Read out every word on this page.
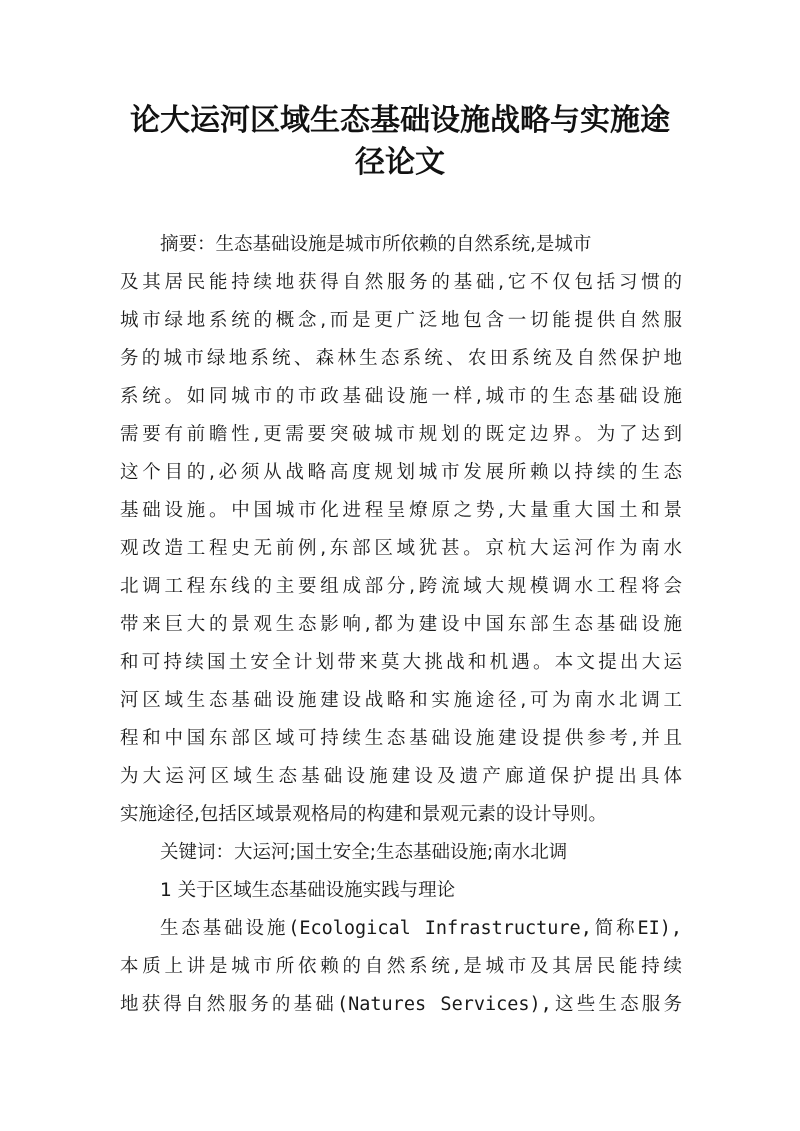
论大运河区域生态基础设施战略与实施途
径论文
摘要：生态基础设施是城市所依赖的自然系统,是城市
及其居民能持续地获得自然服务的基础,它不仅包括习惯的
城市绿地系统的概念,而是更广泛地包含一切能提供自然服
务的城市绿地系统、森林生态系统、农田系统及自然保护地
系统。如同城市的市政基础设施一样,城市的生态基础设施
需要有前瞻性,更需要突破城市规划的既定边界。为了达到
这个目的,必须从战略高度规划城市发展所赖以持续的生态
基础设施。中国城市化进程呈燎原之势,大量重大国土和景
观改造工程史无前例,东部区域犹甚。京杭大运河作为南水
北调工程东线的主要组成部分,跨流域大规模调水工程将会
带来巨大的景观生态影响,都为建设中国东部生态基础设施
和可持续国土安全计划带来莫大挑战和机遇。本文提出大运
河区域生态基础设施建设战略和实施途径,可为南水北调工
程和中国东部区域可持续生态基础设施建设提供参考,并且
为大运河区域生态基础设施建设及遗产廊道保护提出具体
实施途径,包括区域景观格局的构建和景观元素的设计导则。
关键词：大运河;国土安全;生态基础设施;南水北调
1 关于区域生态基础设施实践与理论
生态基础设施(Ecological Infrastructure,简称EI),
本质上讲是城市所依赖的自然系统,是城市及其居民能持续
地获得自然服务的基础(Natures Services),这些生态服务
